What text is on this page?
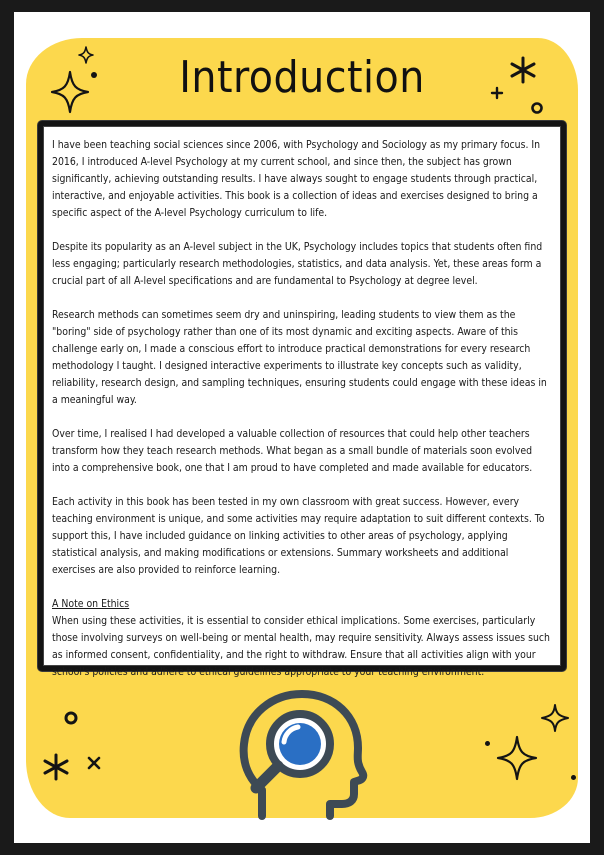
Introduction

I have been teaching social sciences since 2006, with Psychology and Sociology as my primary focus. In 2016, I introduced A-level Psychology at my current school, and since then, the subject has grown significantly, achieving outstanding results. I have always sought to engage students through practical, interactive, and enjoyable activities. This book is a collection of ideas and exercises designed to bring a specific aspect of the A-level Psychology curriculum to life.

Despite its popularity as an A-level subject in the UK, Psychology includes topics that students often find less engaging; particularly research methodologies, statistics, and data analysis. Yet, these areas form a crucial part of all A-level specifications and are fundamental to Psychology at degree level.

Research methods can sometimes seem dry and uninspiring, leading students to view them as the "boring" side of psychology rather than one of its most dynamic and exciting aspects. Aware of this challenge early on, I made a conscious effort to introduce practical demonstrations for every research methodology I taught. I designed interactive experiments to illustrate key concepts such as validity, reliability, research design, and sampling techniques, ensuring students could engage with these ideas in a meaningful way.

Over time, I realised I had developed a valuable collection of resources that could help other teachers transform how they teach research methods. What began as a small bundle of materials soon evolved into a comprehensive book, one that I am proud to have completed and made available for educators.

Each activity in this book has been tested in my own classroom with great success. However, every teaching environment is unique, and some activities may require adaptation to suit different contexts. To support this, I have included guidance on linking activities to other areas of psychology, applying statistical analysis, and making modifications or extensions. Summary worksheets and additional exercises are also provided to reinforce learning.

A Note on Ethics

When using these activities, it is essential to consider ethical implications. Some exercises, particularly those involving surveys on well-being or mental health, may require sensitivity. Always assess issues such as informed consent, confidentiality, and the right to withdraw. Ensure that all activities align with your school's policies and adhere to ethical guidelines appropriate to your teaching environment.
